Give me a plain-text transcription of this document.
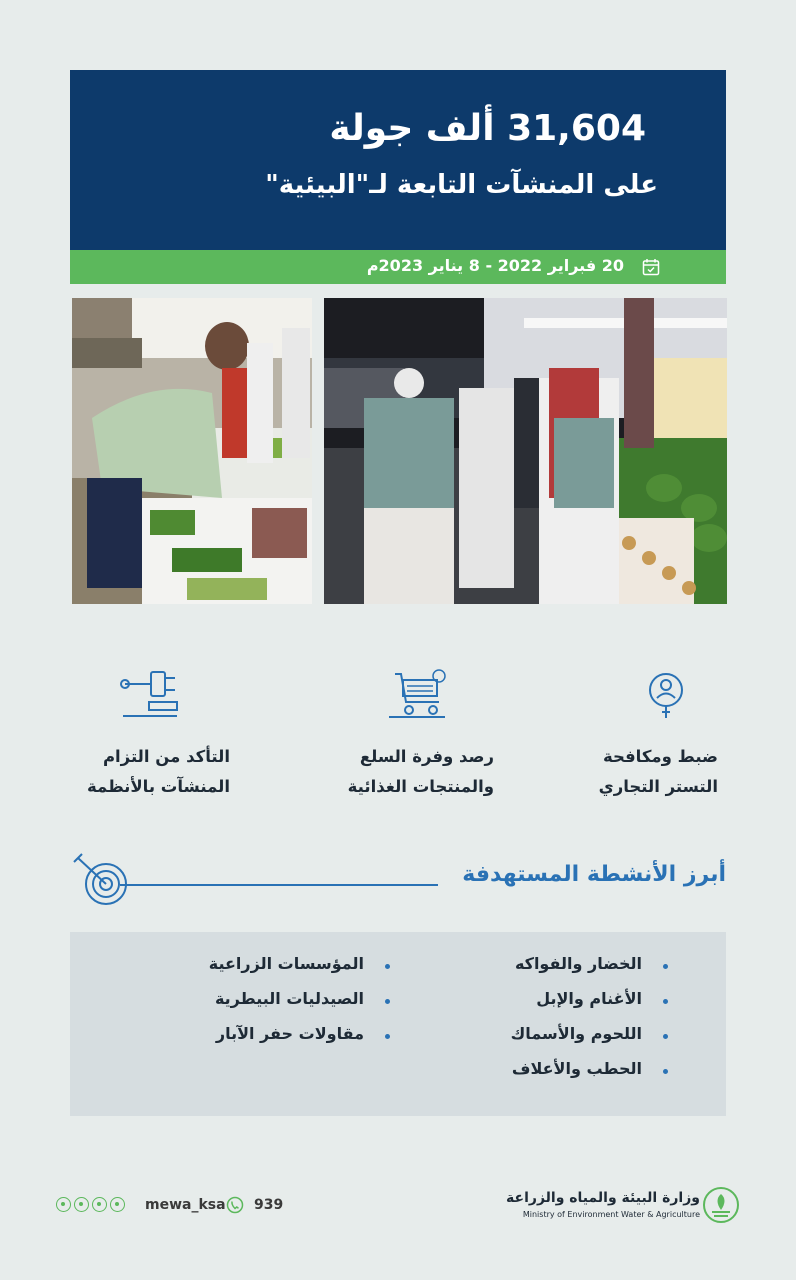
31,604 ألف جولة
على المنشآت التابعة لـ"البيئية"
20 فبراير 2022 - 8 يناير 2023م
ضبط ومكافحة
التستر التجاري
رصد وفرة السلع
والمنتجات الغذائية
التأكد من التزام
المنشآت بالأنظمة
أبرز الأنشطة المستهدفة
الخضار والفواكه
الأغنام والإبل
اللحوم والأسماك
الحطب والأعلاف
المؤسسات الزراعية
الصيدليات البيطرية
مقاولات حفر الآبار
mewa_ksa 939	وزارة البيئة والمياه والزراعة
Ministry of Environment Water & Agriculture
